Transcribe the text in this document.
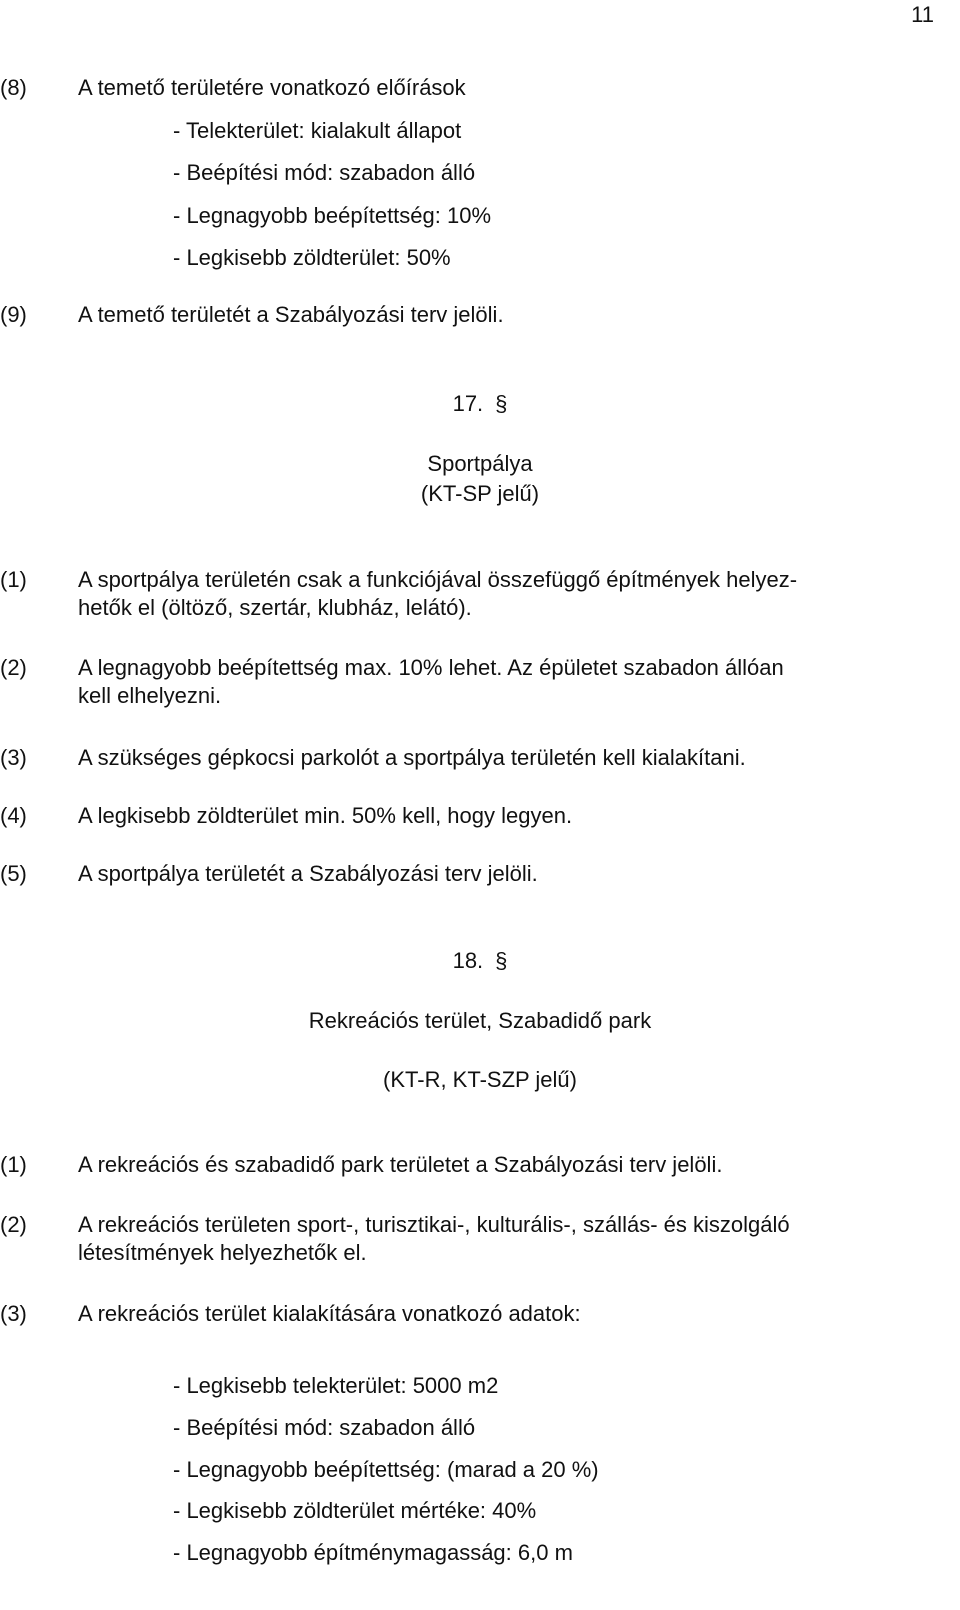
11
(8) A temető területére vonatkozó előírások
- Telekterület: kialakult állapot
- Beépítési mód: szabadon álló
- Legnagyobb beépítettség: 10%
- Legkisebb zöldterület: 50%
(9) A temető területét a Szabályozási terv jelöli.
17. §
Sportpálya
(KT-SP jelű)
(1) A sportpálya területén csak a funkciójával összefüggő építmények helyez-
hetők el (öltöző, szertár, klubház, lelátó).
(2) A legnagyobb beépítettség max. 10% lehet. Az épületet szabadon állóan
kell elhelyezni.
(3) A szükséges gépkocsi parkolót a sportpálya területén kell kialakítani.
(4) A legkisebb zöldterület min. 50% kell, hogy legyen.
(5) A sportpálya területét a Szabályozási terv jelöli.
18. §
Rekreációs terület, Szabadidő park
(KT-R, KT-SZP jelű)
(1) A rekreációs és szabadidő park területet a Szabályozási terv jelöli.
(2) A rekreációs területen sport-, turisztikai-, kulturális-, szállás- és kiszolgáló
létesítmények helyezhetők el.
(3) A rekreációs terület kialakítására vonatkozó adatok:
- Legkisebb telekterület: 5000 m2
- Beépítési mód: szabadon álló
- Legnagyobb beépítettség: (marad a 20 %)
- Legkisebb zöldterület mértéke: 40%
- Legnagyobb építménymagasság: 6,0 m
